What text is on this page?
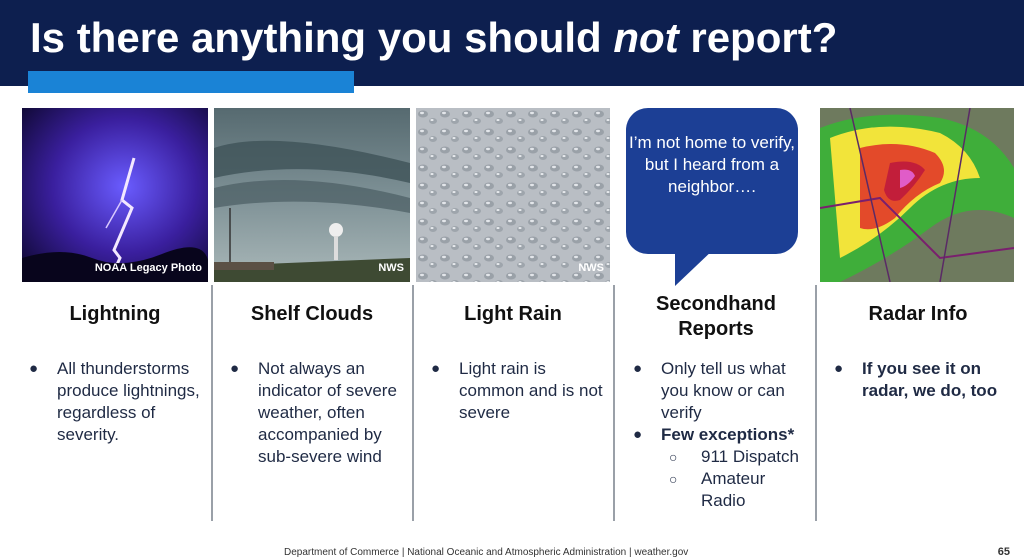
Is there anything you should not report?
NOAA Legacy Photo
Lightning
● All thunderstorms produce lightnings, regardless of severity.
NWS
Shelf Clouds
● Not always an indicator of severe weather, often accompanied by sub-severe wind
NWS
Light Rain
● Light rain is common and is not severe
I’m not home to verify, but I heard from a neighbor….
Secondhand Reports
● Only tell us what you know or can verify
● Few exceptions*
○ 911 Dispatch
○ Amateur Radio
Radar Info
● If you see it on radar, we do, too
Department of Commerce | National Oceanic and Atmospheric Administration | weather.gov	65
